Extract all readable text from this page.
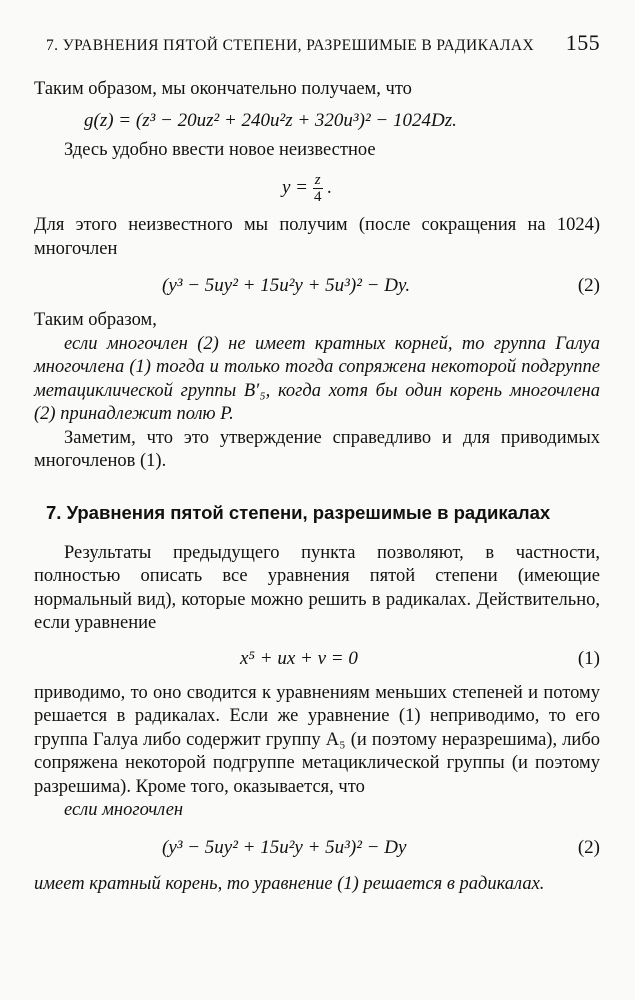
7. УРАВНЕНИЯ ПЯТОЙ СТЕПЕНИ, РАЗРЕШИМЫЕ В РАДИКАЛАХ 155

Таким образом, мы окончательно получаем, что

g(z) = (z³ − 20uz² + 240u²z + 320u³)² − 1024Dz.

Здесь удобно ввести новое неизвестное

$y = \frac{z}{4}$ .

Для этого неизвестного мы получим (после сокращения на 1024) многочлен

(y³ − 5uy² + 15u²y + 5u³)² − Dy.	(2)

Таким образом,

если многочлен (2) не имеет кратных корней, то группа Галуа многочлена (1) тогда и только тогда сопряжена некоторой подгруппе метациклической группы B′₅, когда хотя бы один корень многочлена (2) принадлежит полю P.

Заметим, что это утверждение справедливо и для приводимых многочленов (1).

7. Уравнения пятой степени, разрешимые в радикалах

Результаты предыдущего пункта позволяют, в частности, полностью описать все уравнения пятой степени (имеющие нормальный вид), которые можно решить в радикалах. Действительно, если уравнение

x⁵ + ux + v = 0	(1)

приводимо, то оно сводится к уравнениям меньших степеней и потому решается в радикалах. Если же уравнение (1) неприводимо, то его группа Галуа либо содержит группу A₅ (и поэтому неразрешима), либо сопряжена некоторой подгруппе метациклической группы (и поэтому разрешима). Кроме того, оказывается, что

если многочлен

(y³ − 5uy² + 15u²y + 5u³)² − Dy	(2)

имеет кратный корень, то уравнение (1) решается в радикалах.
